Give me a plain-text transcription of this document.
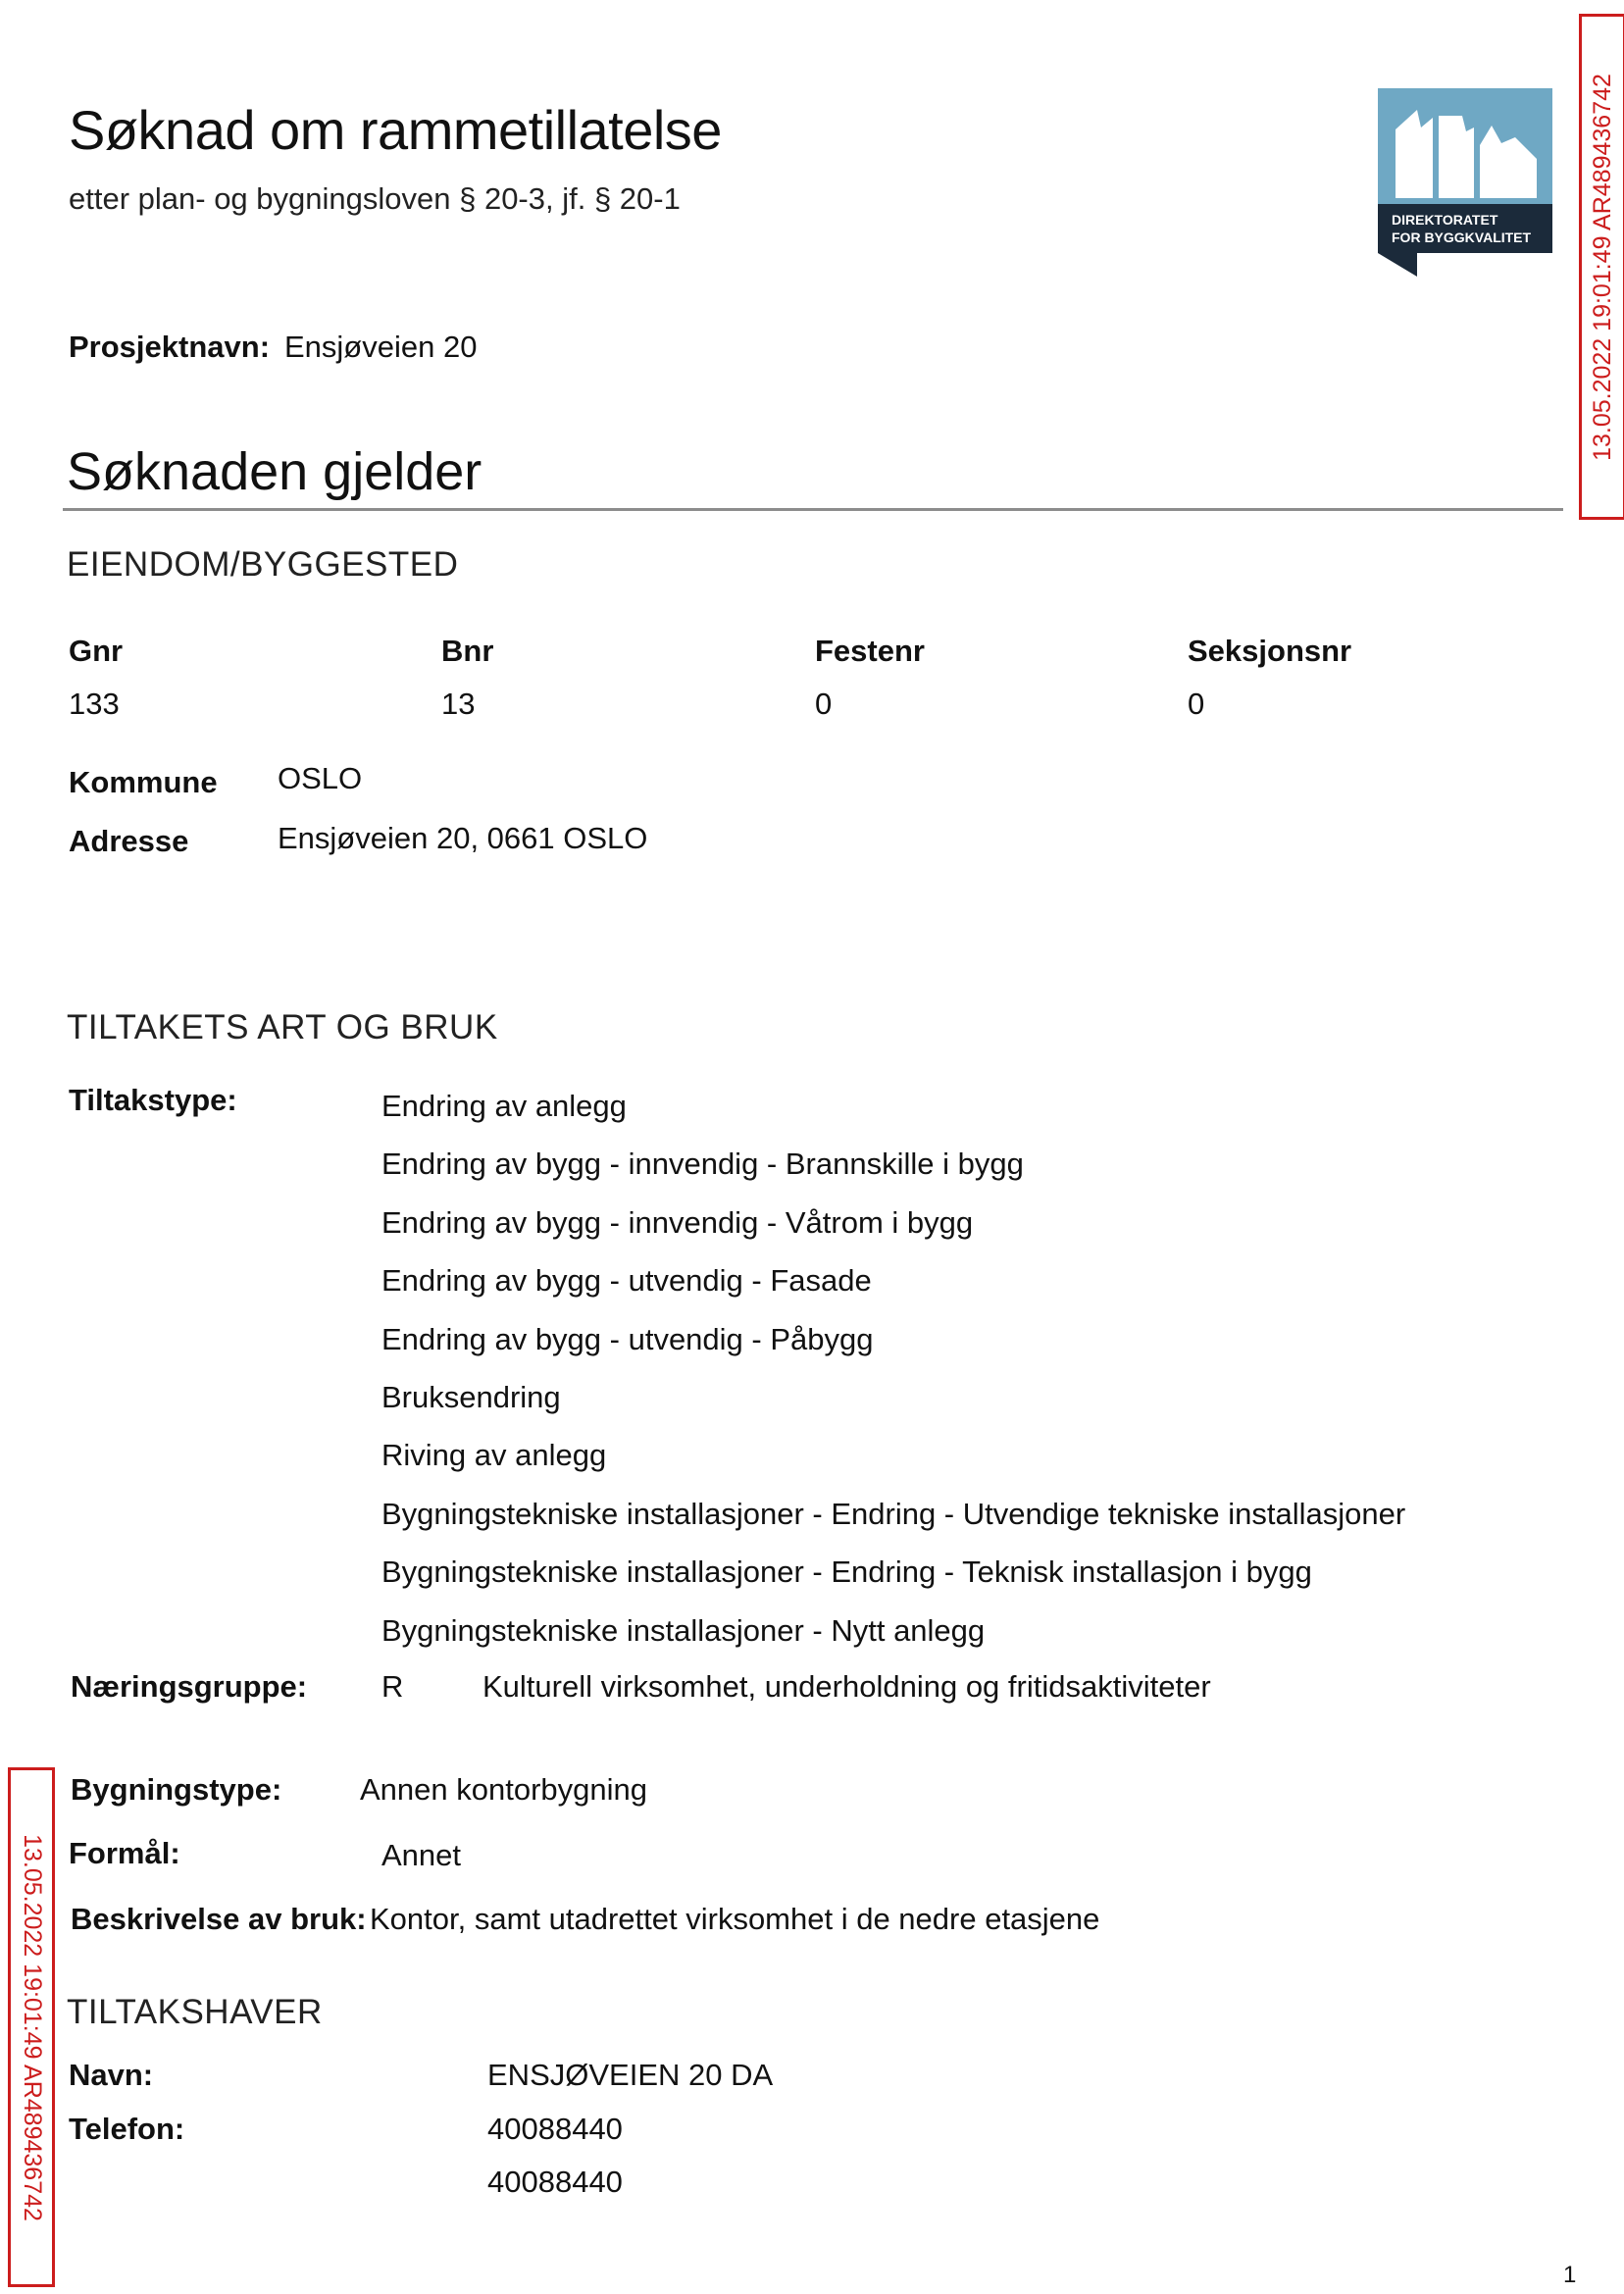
Søknad om rammetillatelse
etter plan- og bygningsloven § 20-3, jf. § 20-1
DIREKTORATET
FOR BYGGKVALITET 13.05.2022 19:01:49 AR489436742
13.05.2022 19:01:49 AR489436742
Prosjektnavn: Ensjøveien 20
Søknaden gjelder
EIENDOM/BYGGESTED
Gnr	Bnr	Festenr	Seksjonsnr
133	13	0	0
Kommune OSLO
Adresse	Ensjøveien 20, 0661 OSLO
TILTAKETS ART OG BRUK
Tiltakstype:	Endring av anlegg
Endring av bygg - innvendig - Brannskille i bygg
Endring av bygg - innvendig - Våtrom i bygg
Endring av bygg - utvendig - Fasade
Endring av bygg - utvendig - Påbygg
Bruksendring
Riving av anlegg
Bygningstekniske installasjoner - Endring - Utvendige tekniske installasjoner
Bygningstekniske installasjoner - Endring - Teknisk installasjon i bygg
Bygningstekniske installasjoner - Nytt anlegg
Næringsgruppe: R	Kulturell virksomhet, underholdning og fritidsaktiviteter
Bygningstype:	Annen kontorbygning
Formål:	Annet
Beskrivelse av bruk: Kontor, samt utadrettet virksomhet i de nedre etasjene
TILTAKSHAVER
Navn:	ENSJØVEIEN 20 DA
Telefon:	40088440
40088440
1
